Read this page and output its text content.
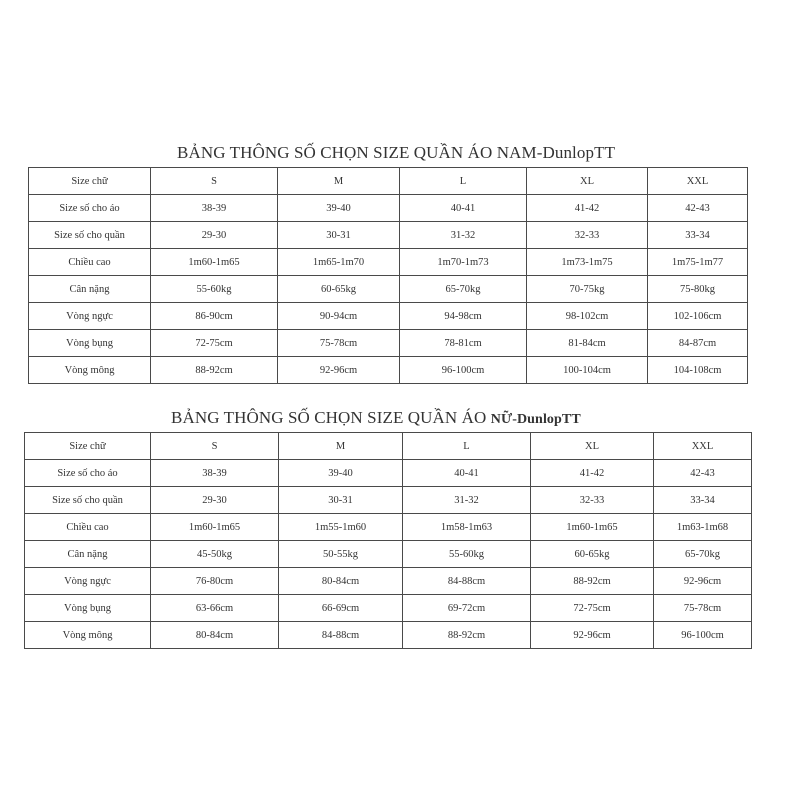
BẢNG THÔNG SỐ CHỌN SIZE QUẦN ÁO NAM-DunlopTT
Size chữ	S	M	L	XL	XXL
Size số cho áo	38-39	39-40	40-41	41-42	42-43
Size số cho quần	29-30	30-31	31-32	32-33	33-34
Chiều cao	1m60-1m65	1m65-1m70	1m70-1m73	1m73-1m75	1m75-1m77
Cân nặng	55-60kg	60-65kg	65-70kg	70-75kg	75-80kg
Vòng ngực	86-90cm	90-94cm	94-98cm	98-102cm	102-106cm
Vòng bụng	72-75cm	75-78cm	78-81cm	81-84cm	84-87cm
Vòng mông	88-92cm	92-96cm	96-100cm	100-104cm	104-108cm
BẢNG THÔNG SỐ CHỌN SIZE QUẦN ÁO NỮ-DunlopTT
Size chữ	S	M	L	XL	XXL
Size số cho áo	38-39	39-40	40-41	41-42	42-43
Size số cho quần	29-30	30-31	31-32	32-33	33-34
Chiều cao	1m60-1m65	1m55-1m60	1m58-1m63	1m60-1m65	1m63-1m68
Cân nặng	45-50kg	50-55kg	55-60kg	60-65kg	65-70kg
Vòng ngực	76-80cm	80-84cm	84-88cm	88-92cm	92-96cm
Vòng bụng	63-66cm	66-69cm	69-72cm	72-75cm	75-78cm
Vòng mông	80-84cm	84-88cm	88-92cm	92-96cm	96-100cm
